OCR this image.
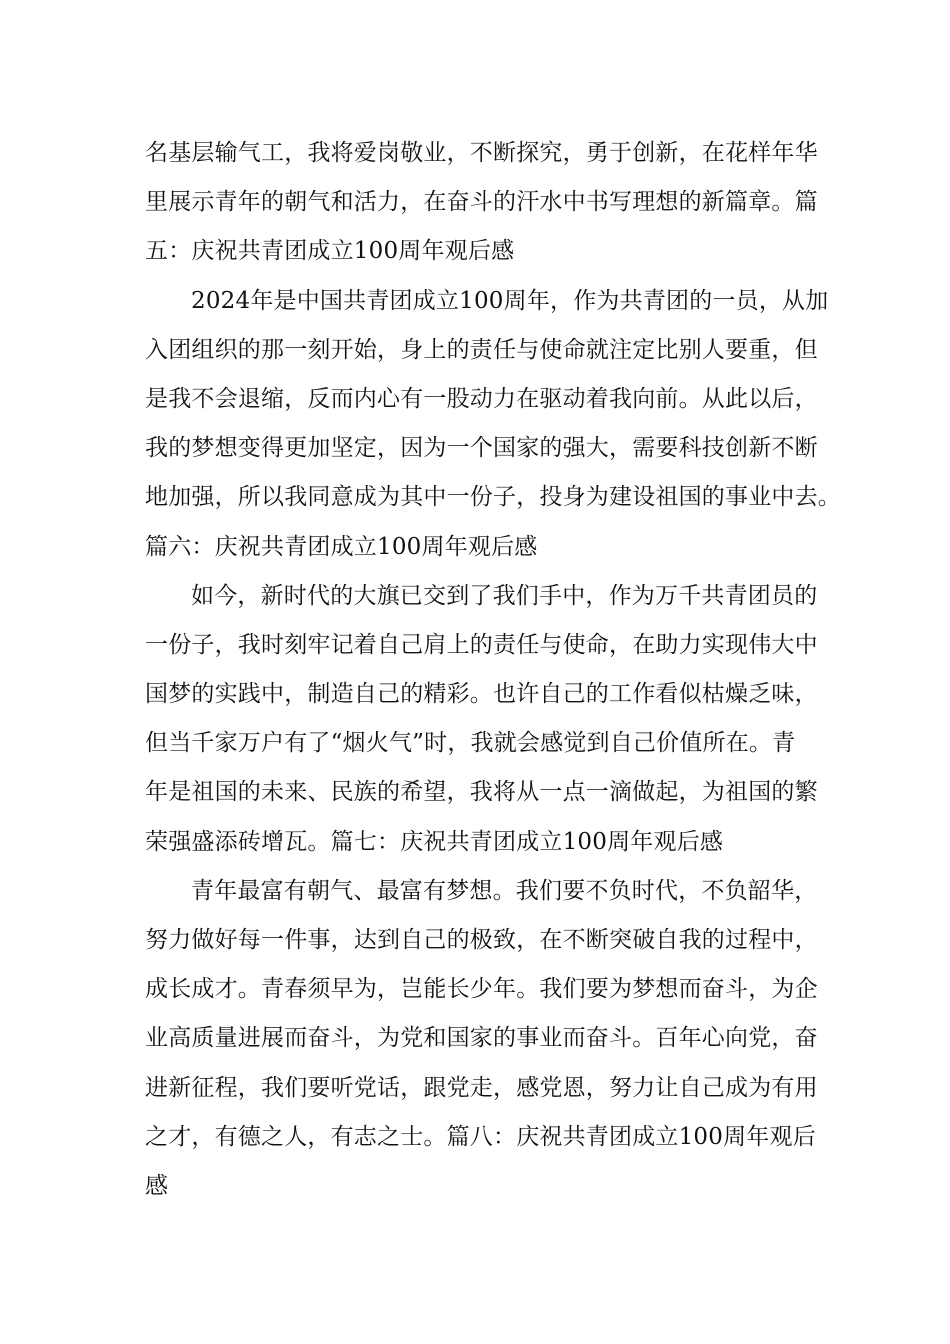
名基层输气工，我将爱岗敬业，不断探究，勇于创新，在花样年华
里展示青年的朝气和活力，在奋斗的汗水中书写理想的新篇章。篇
五：庆祝共青团成立100周年观后感
2024年是中国共青团成立100周年，作为共青团的一员，从加
入团组织的那一刻开始，身上的责任与使命就注定比别人要重，但
是我不会退缩，反而内心有一股动力在驱动着我向前。从此以后，
我的梦想变得更加坚定，因为一个国家的强大，需要科技创新不断
地加强，所以我同意成为其中一份子，投身为建设祖国的事业中去。
篇六：庆祝共青团成立100周年观后感
如今，新时代的大旗已交到了我们手中，作为万千共青团员的
一份子，我时刻牢记着自己肩上的责任与使命，在助力实现伟大中
国梦的实践中，制造自己的精彩。也许自己的工作看似枯燥乏味，
但当千家万户有了“烟火气”时，我就会感觉到自己价值所在。青
年是祖国的未来、民族的希望，我将从一点一滴做起，为祖国的繁
荣强盛添砖增瓦。篇七：庆祝共青团成立100周年观后感
青年最富有朝气、最富有梦想。我们要不负时代，不负韶华，
努力做好每一件事，达到自己的极致，在不断突破自我的过程中，
成长成才。青春须早为，岂能长少年。我们要为梦想而奋斗，为企
业高质量进展而奋斗，为党和国家的事业而奋斗。百年心向党，奋
进新征程，我们要听党话，跟党走，感党恩，努力让自己成为有用
之才，有德之人，有志之士。篇八：庆祝共青团成立100周年观后
感
